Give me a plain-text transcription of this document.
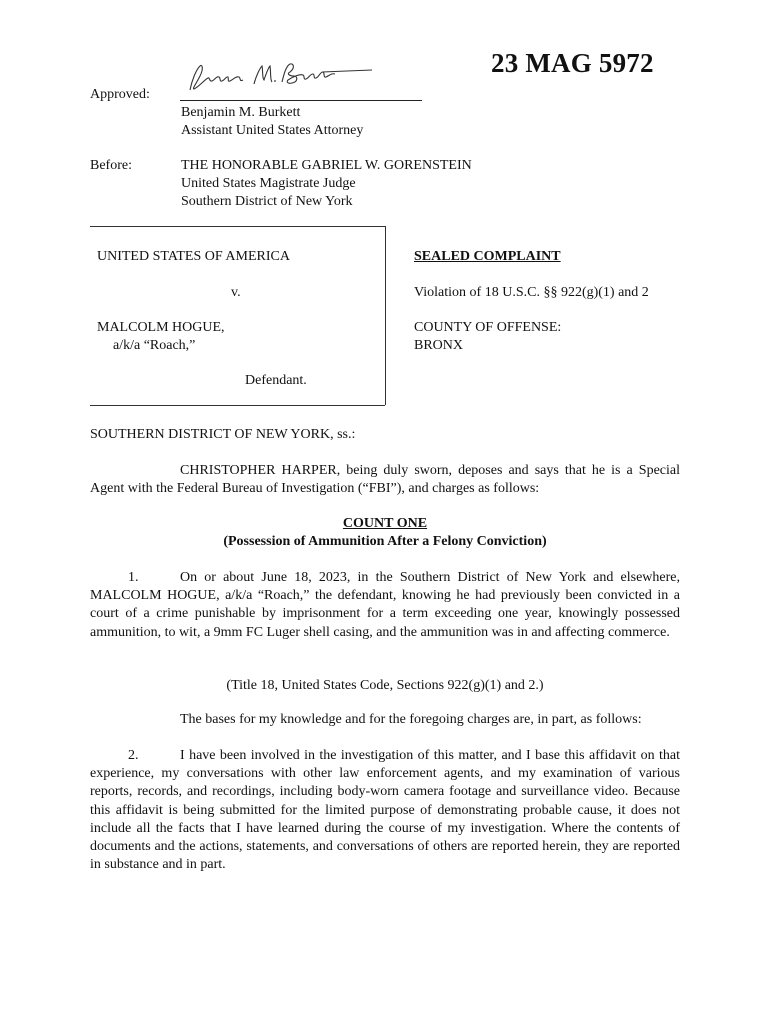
23 MAG 5972
Approved:
Benjamin M. Burkett
Assistant United States Attorney
Before:	THE HONORABLE GABRIEL W. GORENSTEIN
United States Magistrate Judge
Southern District of New York
UNITED STATES OF AMERICA
v.
MALCOLM HOGUE,
a/k/a “Roach,”
Defendant.
SEALED COMPLAINT
Violation of 18 U.S.C. §§ 922(g)(1) and 2
COUNTY OF OFFENSE:
BRONX
SOUTHERN DISTRICT OF NEW YORK, ss.:
CHRISTOPHER HARPER, being duly sworn, deposes and says that he is a Special Agent with the Federal Bureau of Investigation (“FBI”), and charges as follows:
COUNT ONE
(Possession of Ammunition After a Felony Conviction)
1.	On or about June 18, 2023, in the Southern District of New York and elsewhere, MALCOLM HOGUE, a/k/a “Roach,” the defendant, knowing he had previously been convicted in a court of a crime punishable by imprisonment for a term exceeding one year, knowingly possessed ammunition, to wit, a 9mm FC Luger shell casing, and the ammunition was in and affecting commerce.
(Title 18, United States Code, Sections 922(g)(1) and 2.)
The bases for my knowledge and for the foregoing charges are, in part, as follows:
2.	I have been involved in the investigation of this matter, and I base this affidavit on that experience, my conversations with other law enforcement agents, and my examination of various reports, records, and recordings, including body-worn camera footage and surveillance video. Because this affidavit is being submitted for the limited purpose of demonstrating probable cause, it does not include all the facts that I have learned during the course of my investigation. Where the contents of documents and the actions, statements, and conversations of others are reported herein, they are reported in substance and in part.
